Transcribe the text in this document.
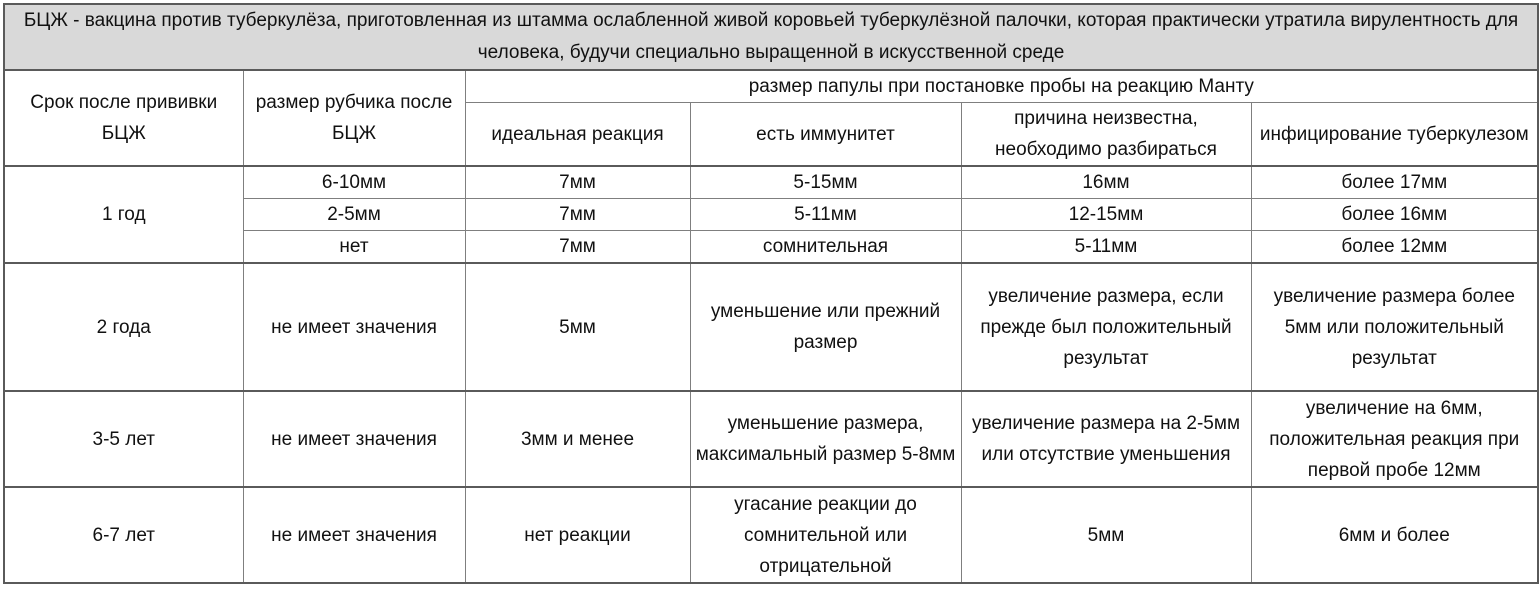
БЦЖ - вакцина против туберкулёза, приготовленная из штамма ослабленной живой коровьей туберкулёзной палочки, которая практически утратила вирулентность для человека, будучи специально выращенной в искусственной среде					
Срок после прививки БЦЖ	размер рубчика после БЦЖ	размер папулы при постановке пробы на реакцию Манту			
		идеальная реакция	есть иммунитет	причина неизвестна, необходимо разбираться	инфицирование туберкулезом
1 год	6-10мм	7мм	5-15мм	16мм	более 17мм
	2-5мм	7мм	5-11мм	12-15мм	более 16мм
	нет	7мм	сомнительная	5-11мм	более 12мм
2 года	не имеет значения	5мм	уменьшение или прежний размер	увеличение размера, если прежде был положительный результат	увеличение размера более 5мм или положительный результат
3-5 лет	не имеет значения	3мм и менее	уменьшение размера, максимальный размер 5-8мм	увеличение размера на 2-5мм или отсутствие уменьшения	увеличение на 6мм, положительная реакция при первой пробе 12мм
6-7 лет	не имеет значения	нет реакции	угасание реакции до сомнительной или отрицательной	5мм	6мм и более
